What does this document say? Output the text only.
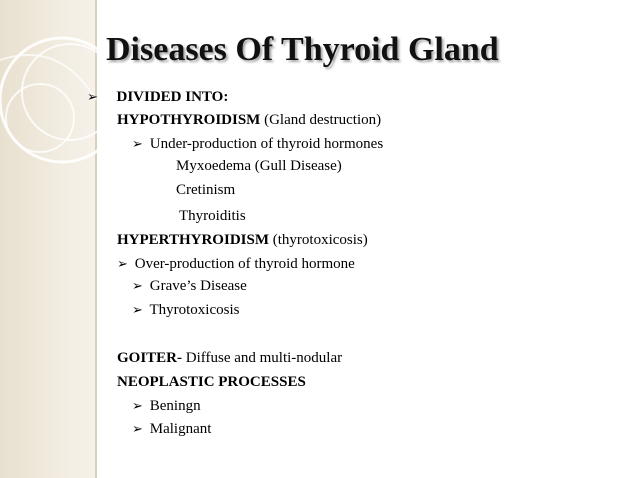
Diseases Of Thyroid Gland
➢ DIVIDED INTO:
HYPOTHYROIDISM (Gland destruction)
➢ Under-production of thyroid hormones
Myxoedema (Gull Disease)
Cretinism
Thyroiditis
HYPERTHYROIDISM (thyrotoxicosis)
➢ Over-production of thyroid hormone
➢ Grave’s Disease
➢ Thyrotoxicosis
GOITER- Diffuse and multi-nodular
NEOPLASTIC PROCESSES
➢ Beningn
➢ Malignant
